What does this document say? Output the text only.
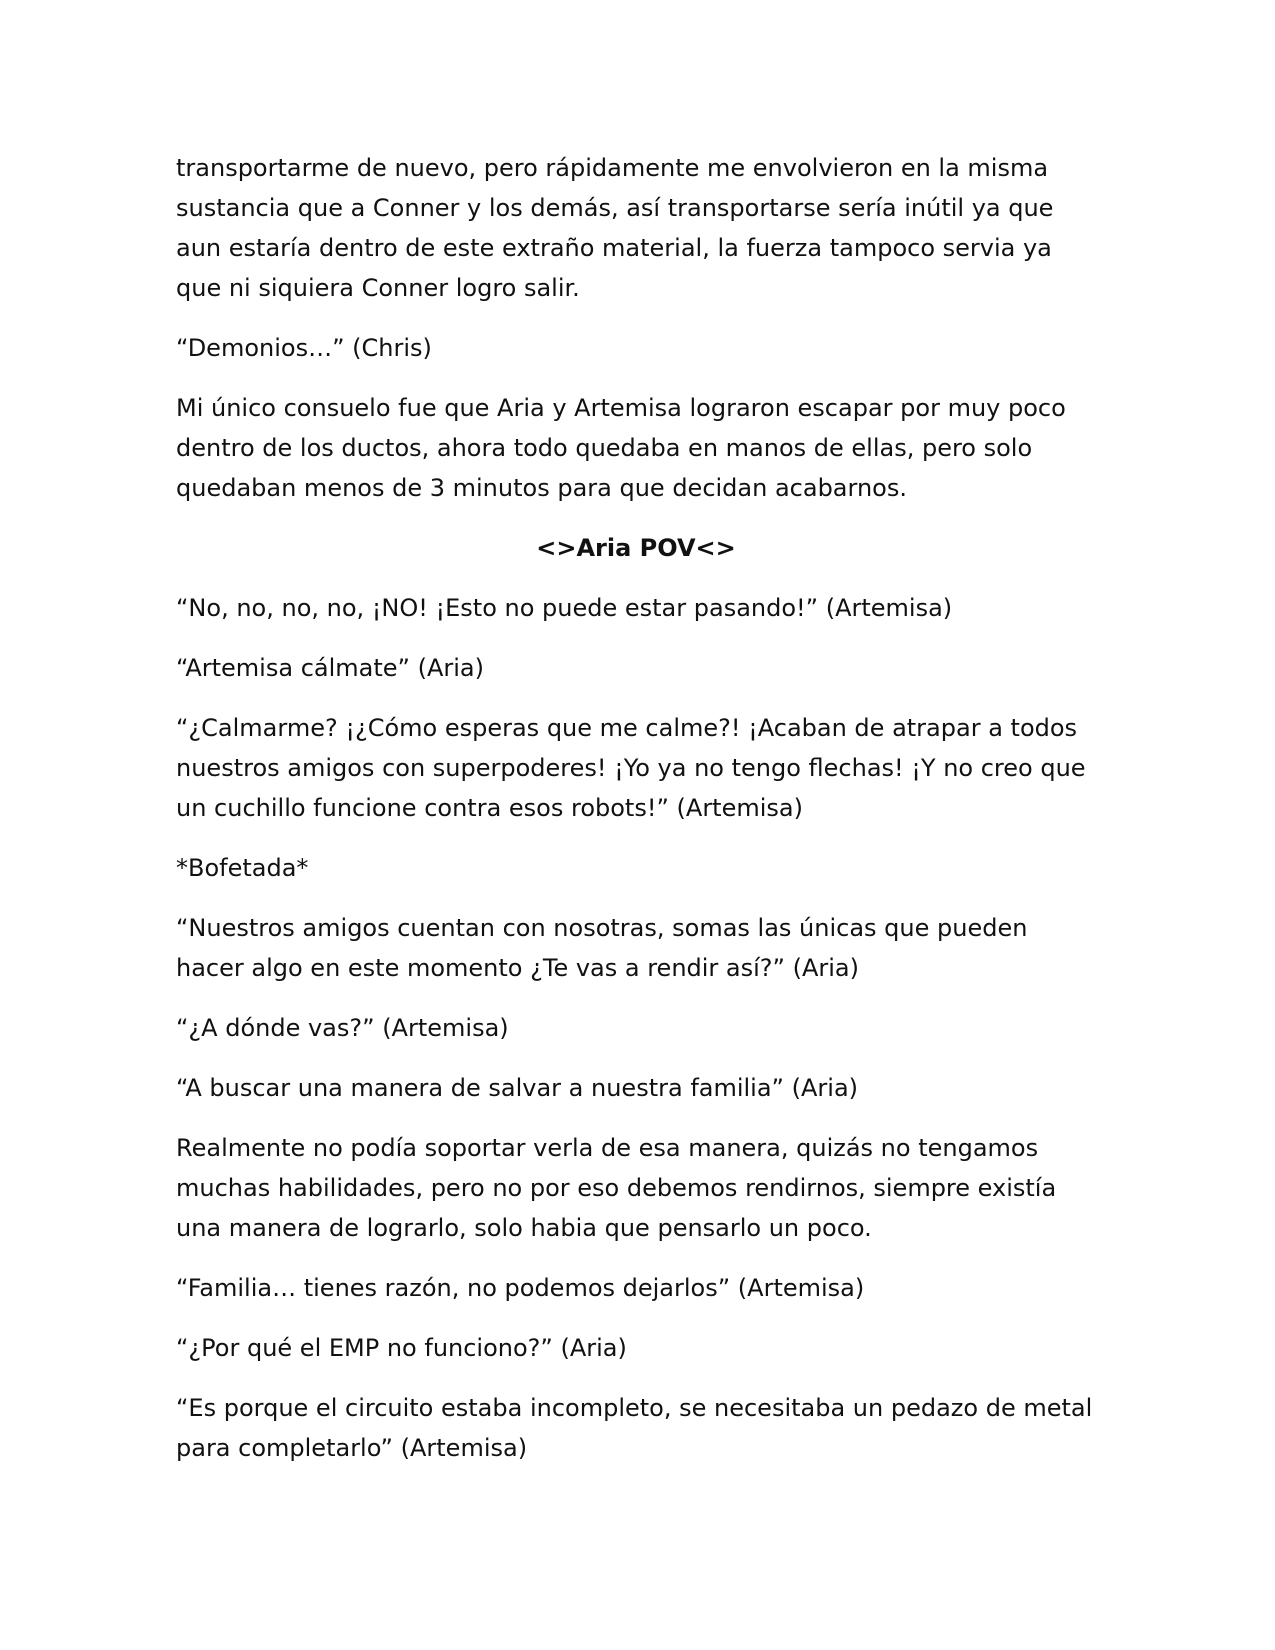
transportarme de nuevo, pero rápidamente me envolvieron en la misma sustancia que a Conner y los demás, así transportarse sería inútil ya que aun estaría dentro de este extraño material, la fuerza tampoco servia ya que ni siquiera Conner logro salir.

“Demonios…” (Chris)

Mi único consuelo fue que Aria y Artemisa lograron escapar por muy poco dentro de los ductos, ahora todo quedaba en manos de ellas, pero solo quedaban menos de 3 minutos para que decidan acabarnos.

<>Aria POV<>

“No, no, no, no, ¡NO! ¡Esto no puede estar pasando!” (Artemisa)

“Artemisa cálmate” (Aria)

“¿Calmarme? ¡¿Cómo esperas que me calme?! ¡Acaban de atrapar a todos nuestros amigos con superpoderes! ¡Yo ya no tengo flechas! ¡Y no creo que un cuchillo funcione contra esos robots!” (Artemisa)

*Bofetada*

“Nuestros amigos cuentan con nosotras, somas las únicas que pueden hacer algo en este momento ¿Te vas a rendir así?” (Aria)

“¿A dónde vas?” (Artemisa)

“A buscar una manera de salvar a nuestra familia” (Aria)

Realmente no podía soportar verla de esa manera, quizás no tengamos muchas habilidades, pero no por eso debemos rendirnos, siempre existía una manera de lograrlo, solo habia que pensarlo un poco.

“Familia… tienes razón, no podemos dejarlos” (Artemisa)

“¿Por qué el EMP no funciono?” (Aria)

“Es porque el circuito estaba incompleto, se necesitaba un pedazo de metal para completarlo” (Artemisa)
